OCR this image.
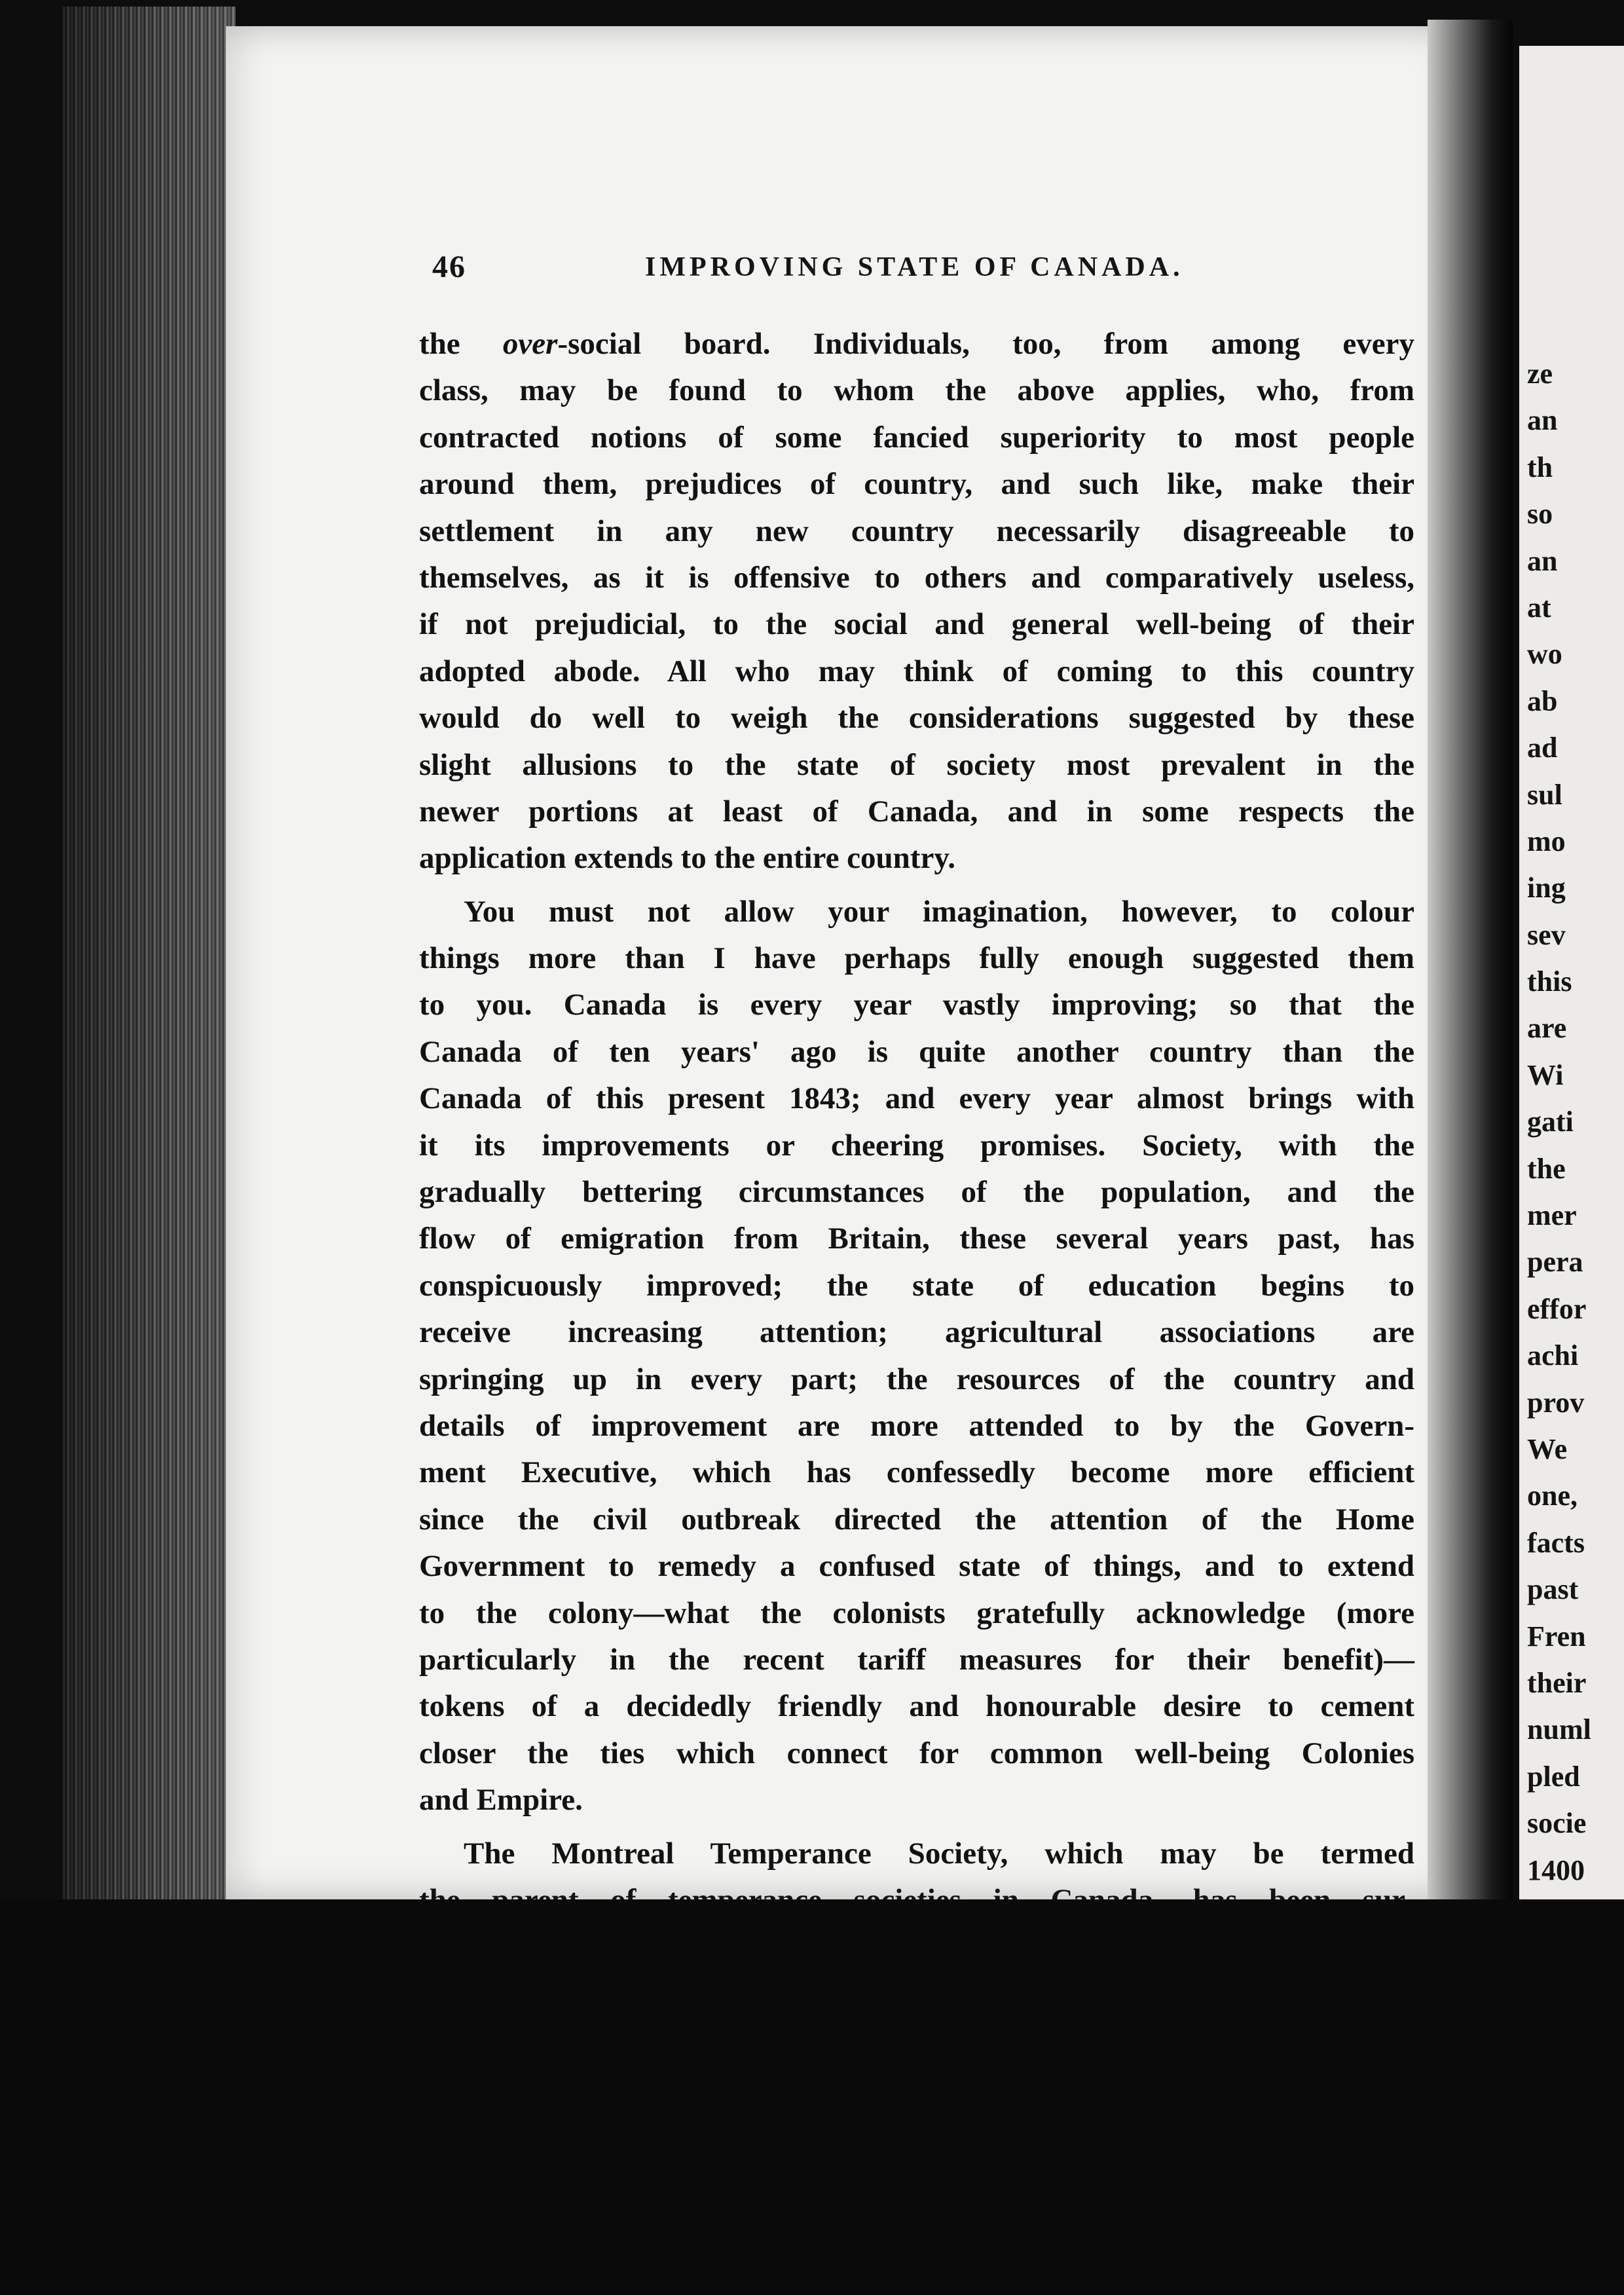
46	IMPROVING STATE OF CANADA.
the over-social board. Individuals, too, from among every
class, may be found to whom the above applies, who, from
contracted notions of some fancied superiority to most people
around them, prejudices of country, and such like, make their
settlement in any new country necessarily disagreeable to
themselves, as it is offensive to others and comparatively useless,
if not prejudicial, to the social and general well-being of their
adopted abode. All who may think of coming to this country
would do well to weigh the considerations suggested by these
slight allusions to the state of society most prevalent in the
newer portions at least of Canada, and in some respects the
application extends to the entire country.
You must not allow your imagination, however, to colour
things more than I have perhaps fully enough suggested them
to you. Canada is every year vastly improving; so that the
Canada of ten years' ago is quite another country than the
Canada of this present 1843; and every year almost brings with
it its improvements or cheering promises. Society, with the
gradually bettering circumstances of the population, and the
flow of emigration from Britain, these several years past, has
conspicuously improved; the state of education begins to
receive increasing attention; agricultural associations are
springing up in every part; the resources of the country and
details of improvement are more attended to by the Govern-
ment Executive, which has confessedly become more efficient
since the civil outbreak directed the attention of the Home
Government to remedy a confused state of things, and to extend
to the colony—what the colonists gratefully acknowledge (more
particularly in the recent tariff measures for their benefit)—
tokens of a decidedly friendly and honourable desire to cement
closer the ties which connect for common well-being Colonies
and Empire.
The Montreal Temperance Society, which may be termed
ze
an
th
so
an
at
wo
ab
ad
sul
mo
ing
sev
this
are
Wi
gati
the
mer
pera
effor
achi
prov
We
one,
facts
past
Fren
their
numl
pled
socie
1400
